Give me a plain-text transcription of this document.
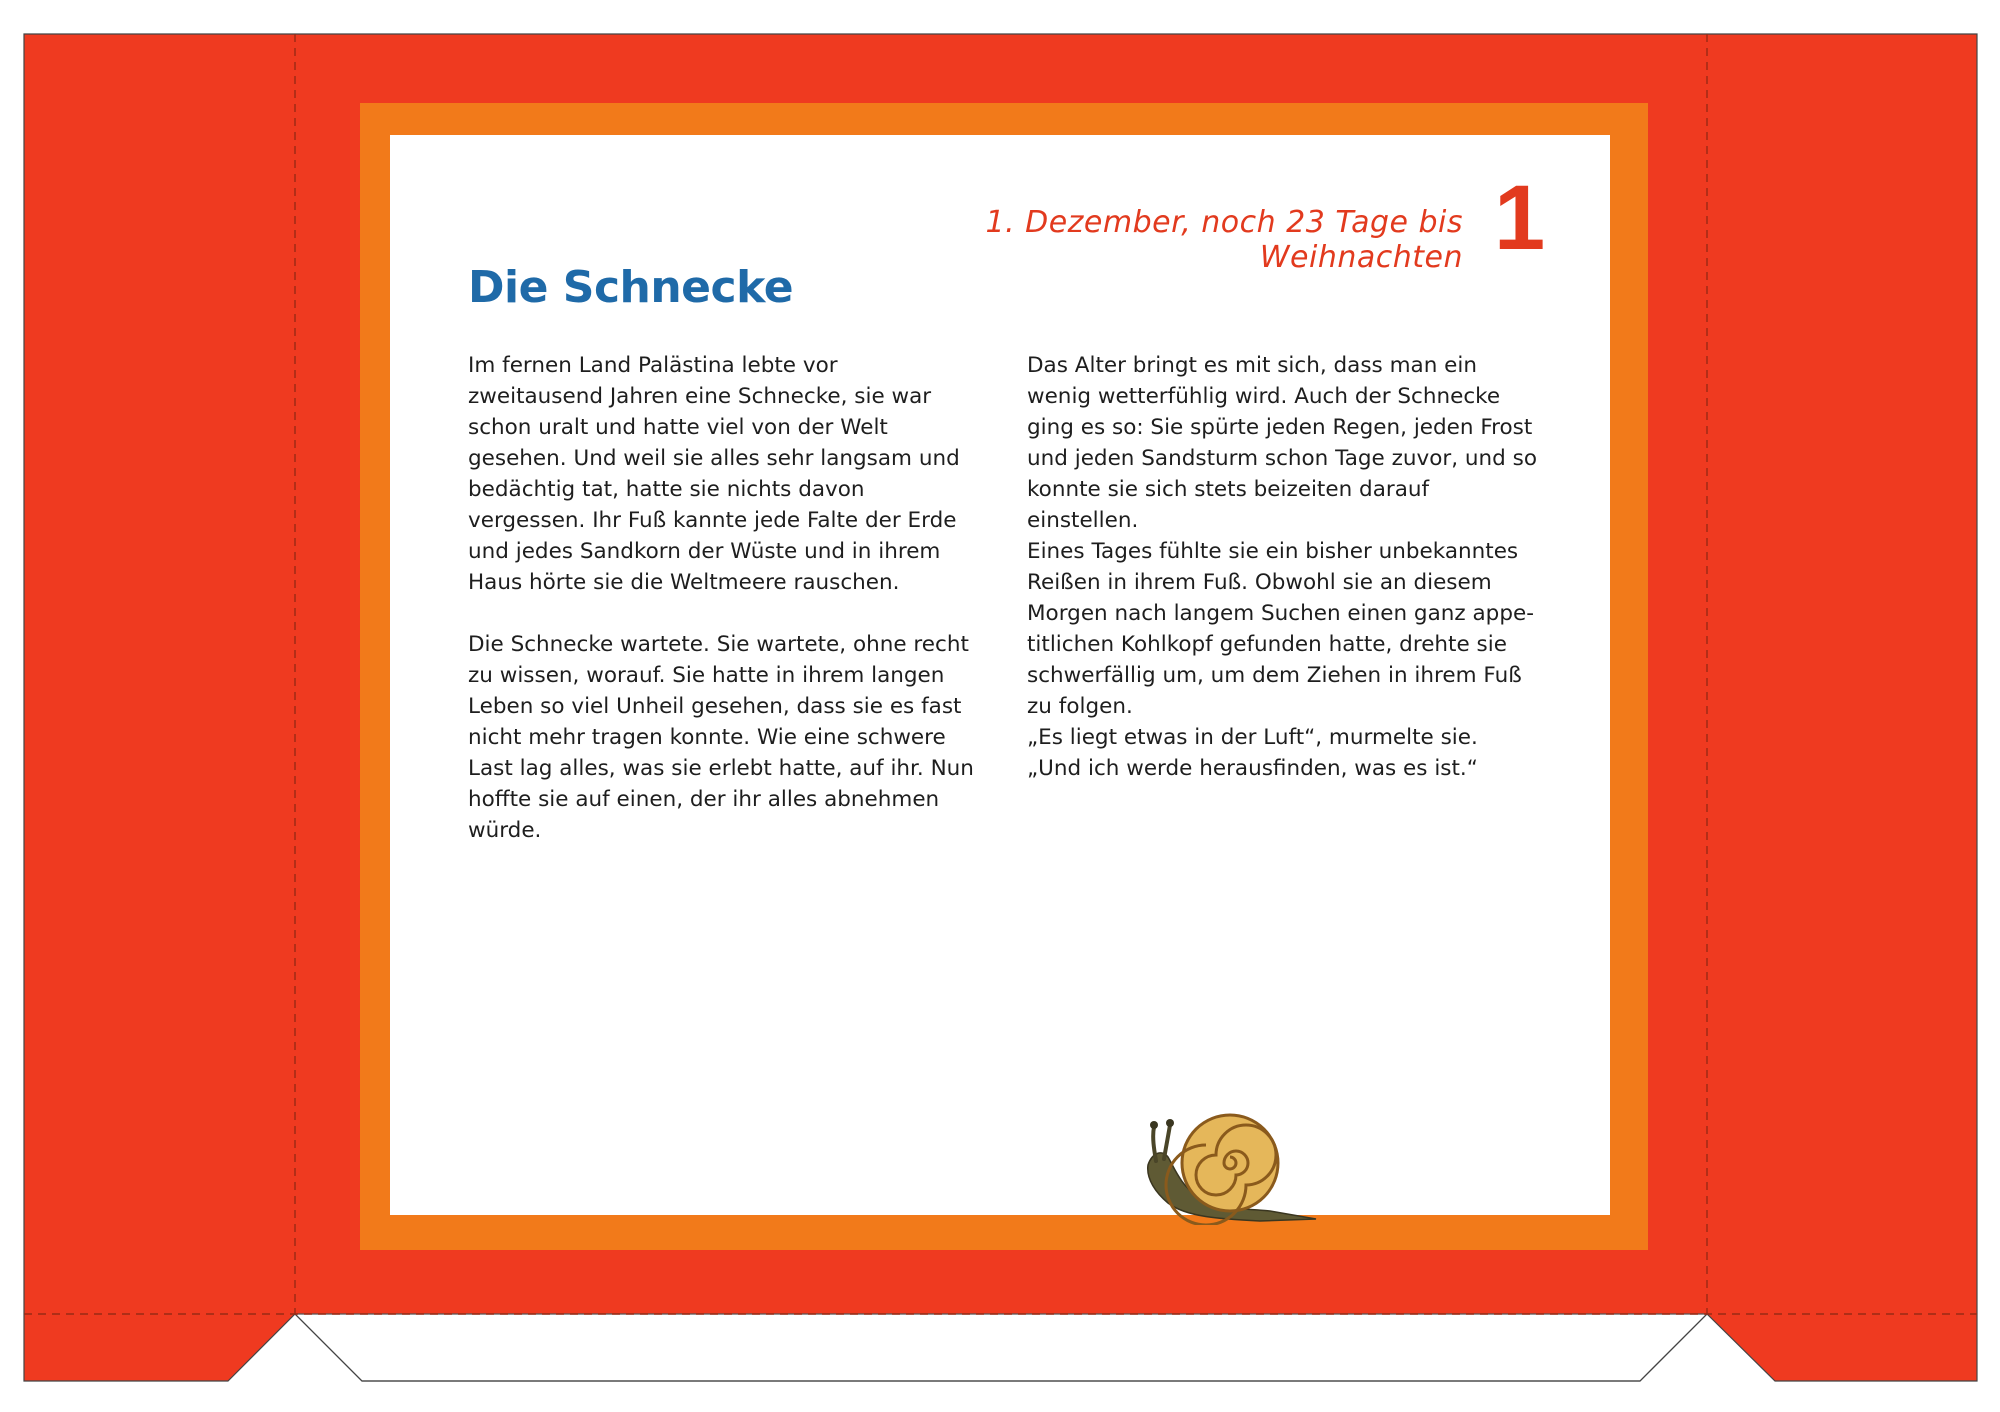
1. Dezember, noch 23 Tage bis Weihnachten 1
Die Schnecke

Im fernen Land Palästina lebte vor zweitausend Jahren eine Schnecke, sie war schon uralt und hatte viel von der Welt gesehen. Und weil sie alles sehr langsam und bedächtig tat, hatte sie nichts davon vergessen. Ihr Fuß kannte jede Falte der Erde und jedes Sandkorn der Wüste und in ihrem Haus hörte sie die Weltmeere rauschen.

Die Schnecke wartete. Sie wartete, ohne recht zu wissen, worauf. Sie hatte in ihrem langen Leben so viel Unheil gesehen, dass sie es fast nicht mehr tragen konnte. Wie eine schwere Last lag alles, was sie erlebt hatte, auf ihr. Nun hoffte sie auf einen, der ihr alles abnehmen würde.

Das Alter bringt es mit sich, dass man ein wenig wetterfühlig wird. Auch der Schnecke ging es so: Sie spürte jeden Regen, jeden Frost und jeden Sandsturm schon Tage zuvor, und so konnte sie sich stets beizeiten darauf einstellen.

Eines Tages fühlte sie ein bisher unbekanntes Reißen in ihrem Fuß. Obwohl sie an diesem Morgen nach langem Suchen einen ganz appe-titlichen Kohlkopf gefunden hatte, drehte sie schwerfällig um, um dem Ziehen in ihrem Fuß zu folgen.

„Es liegt etwas in der Luft“, murmelte sie. „Und ich werde herausfinden, was es ist.“
